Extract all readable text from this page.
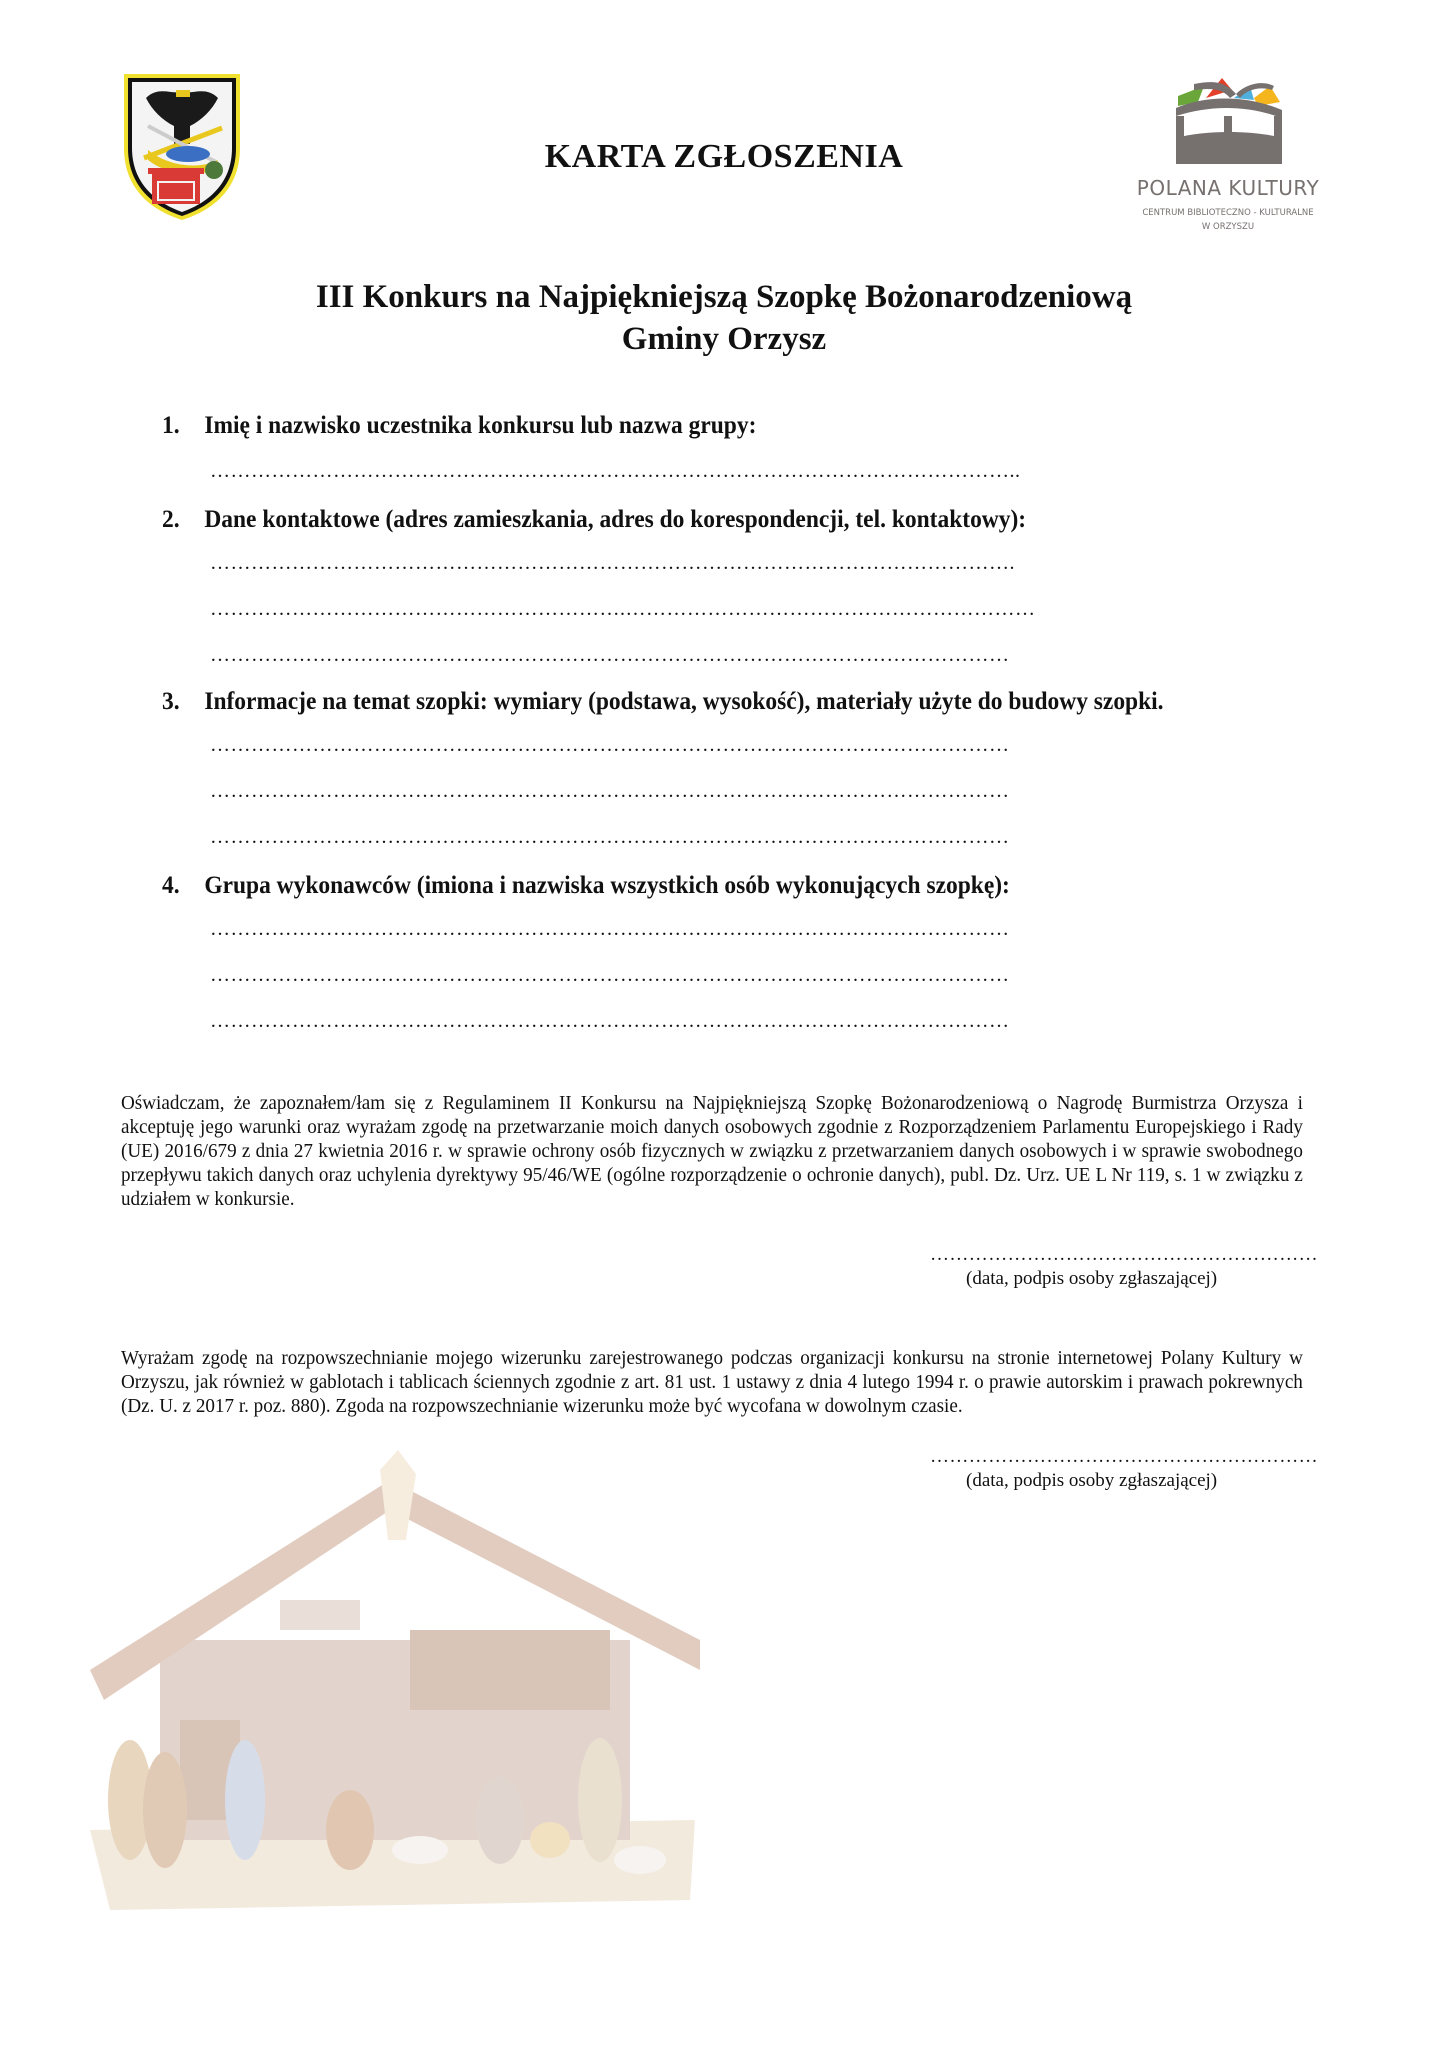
POLANA KULTURY
CENTRUM BIBLIOTECZNO - KULTURALNE
W ORZYSZU
KARTA ZGŁOSZENIA
III Konkurs na Najpiękniejszą Szopkę Bożonarodzeniową
Gminy Orzysz
1. Imię i nazwisko uczestnika konkursu lub nazwa grupy:
………………………………………………………………………………………………………..
2. Dane kontaktowe (adres zamieszkania, adres do korespondencji, tel. kontaktowy):
……………………………………………………………………………………………………….
…………………………………………………….……………………………………………………
………………………………………………………………………………………………………
3. Informacje na temat szopki: wymiary (podstawa, wysokość), materiały użyte do budowy szopki.
………………………………………………………………………………………………………
………………………………………………………………………………………………………
………………………………………………………………………………………………………
4. Grupa wykonawców (imiona i nazwiska wszystkich osób wykonujących szopkę):
………………………………………………………………………………………………………
………………………………………………………………………………………………………
………………………………………………………………………………………………………
Oświadczam, że zapoznałem/łam się z Regulaminem II Konkursu na Najpiękniejszą Szopkę Bożonarodzeniową o Nagrodę Burmistrza Orzysza i akceptuję jego warunki oraz wyrażam zgodę na przetwarzanie moich danych osobowych zgodnie z Rozporządzeniem Parlamentu Europejskiego i Rady (UE) 2016/679 z dnia 27 kwietnia 2016 r. w sprawie ochrony osób fizycznych w związku z przetwarzaniem danych osobowych i w sprawie swobodnego przepływu takich danych oraz uchylenia dyrektywy 95/46/WE (ogólne rozporządzenie o ochronie danych), publ. Dz. Urz. UE L Nr 119, s. 1 w związku z udziałem w konkursie.
……………………………………………………
(data, podpis osoby zgłaszającej)
Wyrażam zgodę na rozpowszechnianie mojego wizerunku zarejestrowanego podczas organizacji konkursu na stronie internetowej Polany Kultury w Orzyszu, jak również w gablotach i tablicach ściennych zgodnie z art. 81 ust. 1 ustawy z dnia 4 lutego 1994 r. o prawie autorskim i prawach pokrewnych (Dz. U. z 2017 r. poz. 880). Zgoda na rozpowszechnianie wizerunku może być wycofana w dowolnym czasie.
……………………………………………………
(data, podpis osoby zgłaszającej)
